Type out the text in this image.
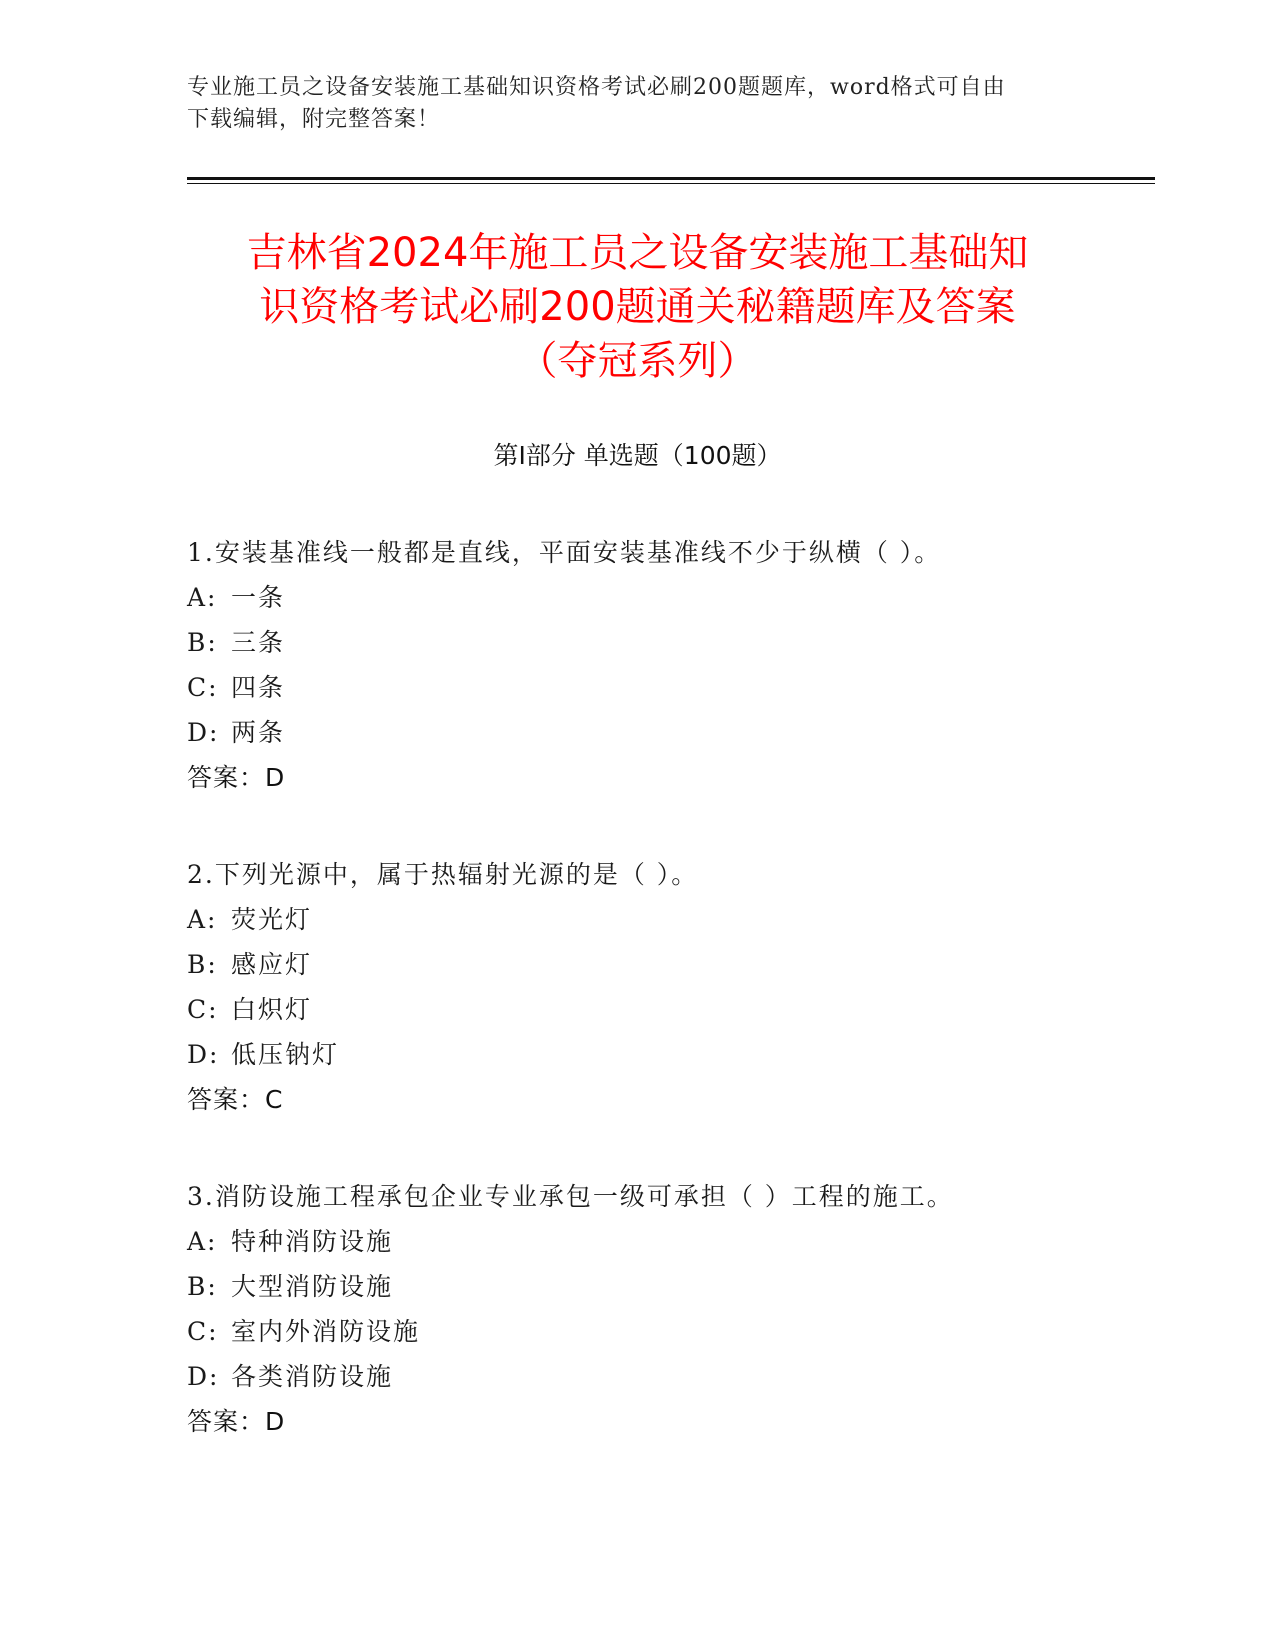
专业施工员之设备安装施工基础知识资格考试必刷200题题库，word格式可自由
下载编辑，附完整答案！
吉林省2024年施工员之设备安装施工基础知
识资格考试必刷200题通关秘籍题库及答案
（夺冠系列）
第I部分 单选题（100题）
1.安装基准线一般都是直线，平面安装基准线不少于纵横（ ）。
A: 一条
B: 三条
C: 四条
D: 两条
答案：D
2.下列光源中，属于热辐射光源的是（ ）。
A: 荧光灯
B: 感应灯
C: 白炽灯
D: 低压钠灯
答案：C
3.消防设施工程承包企业专业承包一级可承担（ ）工程的施工。
A: 特种消防设施
B: 大型消防设施
C: 室内外消防设施
D: 各类消防设施
答案：D
